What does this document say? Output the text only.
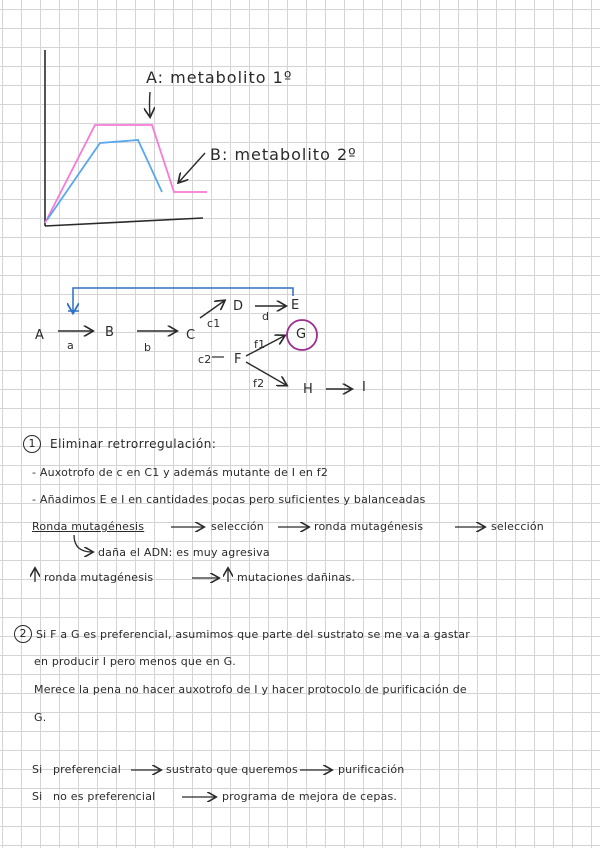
A: metabolito 1º
B: metabolito 2º
A	B	C
D	E
G
F
H	I
a	b
c1
c2
d
f1
f2
1	Eliminar retrorregulación:
- Auxotrofo de c en C1 y además mutante de I en f2
- Añadimos E e I en cantidades pocas pero suficientes y balanceadas
Ronda mutagénesis	selección	ronda mutagénesis	selección
daña el ADN: es muy agresiva
ronda mutagénesis	mutaciones dañinas.
2 Si F a G es preferencial, asumimos que parte del sustrato se me va a gastar
en producir I pero menos que en G.
Merece la pena no hacer auxotrofo de I y hacer protocolo de purificación de
G.
Si preferencial	sustrato que queremos	purificación
Si no es preferencial	programa de mejora de cepas.
